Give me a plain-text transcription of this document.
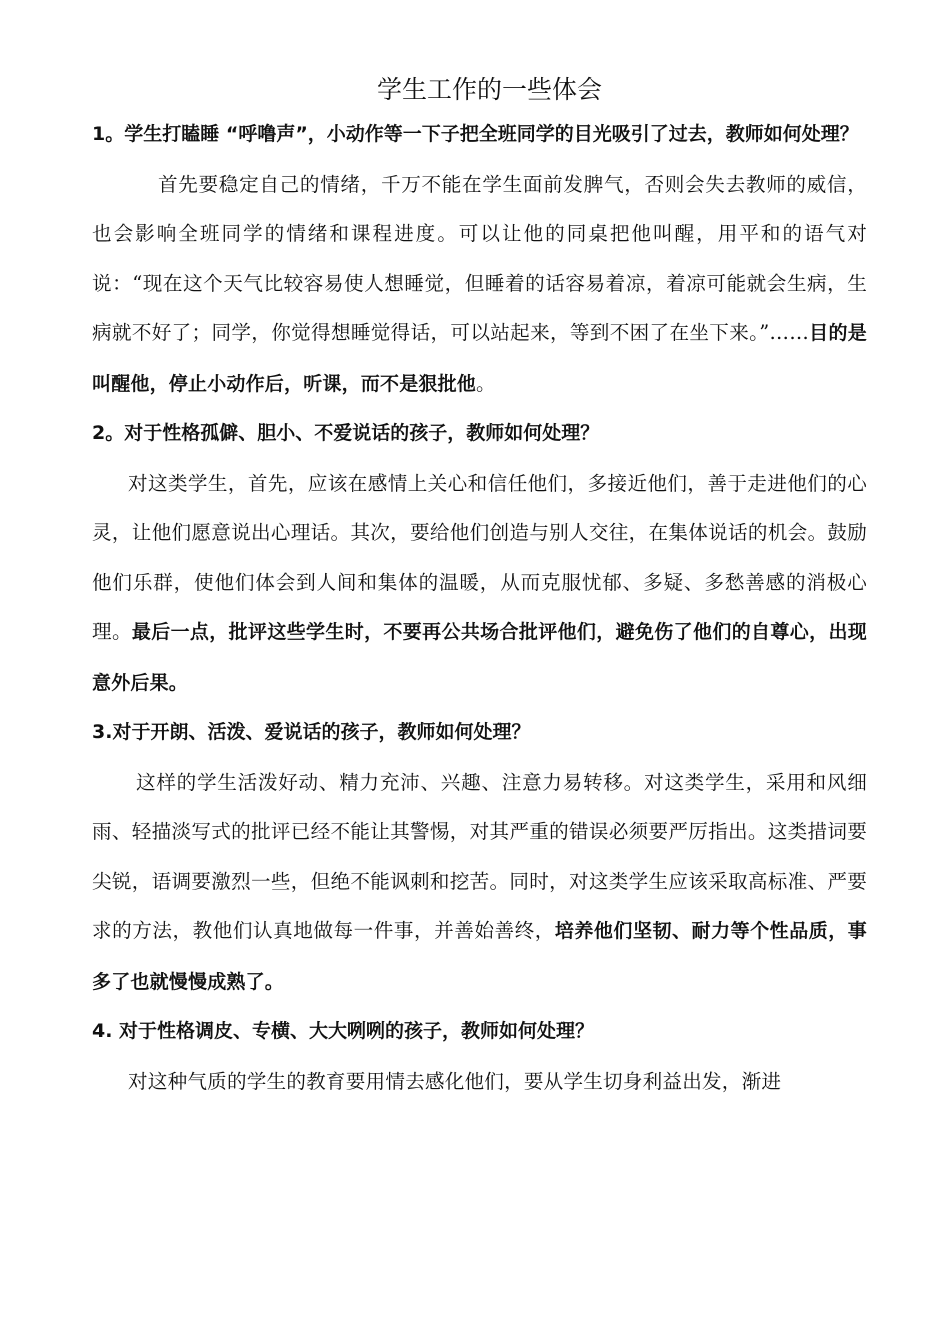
学生工作的一些体会
1。学生打瞌睡 “呼噜声”，小动作等一下子把全班同学的目光吸引了过去，教师如何处理？
首先要稳定自己的情绪，千万不能在学生面前发脾气，否则会失去教师的威信，也会影响全班同学的情绪和课程进度。可以让他的同桌把他叫醒，用平和的语气对说：“现在这个天气比较容易使人想睡觉，但睡着的话容易着凉，着凉可能就会生病，生病就不好了；同学，你觉得想睡觉得话，可以站起来，等到不困了在坐下来。”……目的是叫醒他，停止小动作后，听课，而不是狠批他。
2。对于性格孤僻、胆小、不爱说话的孩子，教师如何处理？
对这类学生，首先，应该在感情上关心和信任他们，多接近他们，善于走进他们的心灵，让他们愿意说出心理话。其次，要给他们创造与别人交往，在集体说话的机会。鼓励他们乐群，使他们体会到人间和集体的温暖，从而克服忧郁、多疑、多愁善感的消极心理。最后一点，批评这些学生时，不要再公共场合批评他们，避免伤了他们的自尊心，出现意外后果。
3.对于开朗、活泼、爱说话的孩子，教师如何处理？
这样的学生活泼好动、精力充沛、兴趣、注意力易转移。对这类学生，采用和风细雨、轻描淡写式的批评已经不能让其警惕，对其严重的错误必须要严厉指出。这类措词要尖锐，语调要激烈一些，但绝不能讽刺和挖苦。同时，对这类学生应该采取高标准、严要求的方法，教他们认真地做每一件事，并善始善终，培养他们坚韧、耐力等个性品质，事多了也就慢慢成熟了。
4. 对于性格调皮、专横、大大咧咧的孩子，教师如何处理？
对这种气质的学生的教育要用情去感化他们，要从学生切身利益出发，渐进
